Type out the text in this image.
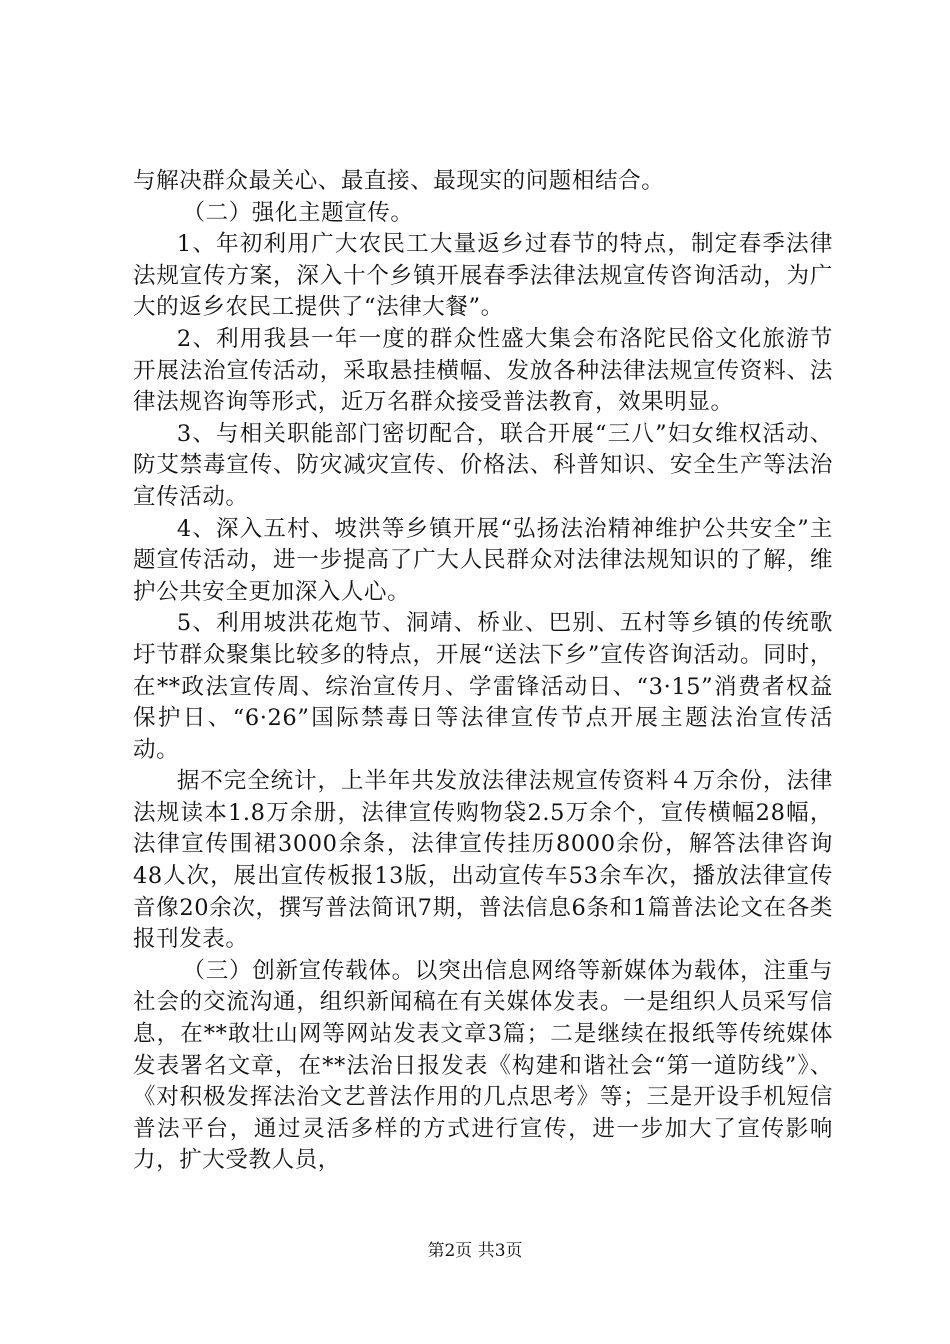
与解决群众最关心、最直接、最现实的问题相结合。

（二）强化主题宣传。

1、年初利用广大农民工大量返乡过春节的特点，制定春季法律法规宣传方案，深入十个乡镇开展春季法律法规宣传咨询活动，为广大的返乡农民工提供了“法律大餐”。

2、利用我县一年一度的群众性盛大集会布洛陀民俗文化旅游节开展法治宣传活动，采取悬挂横幅、发放各种法律法规宣传资料、法律法规咨询等形式，近万名群众接受普法教育，效果明显。

3、与相关职能部门密切配合，联合开展“三八”妇女维权活动、防艾禁毒宣传、防灾减灾宣传、价格法、科普知识、安全生产等法治宣传活动。

4、深入五村、坡洪等乡镇开展“弘扬法治精神维护公共安全”主题宣传活动，进一步提高了广大人民群众对法律法规知识的了解，维护公共安全更加深入人心。

5、利用坡洪花炮节、洞靖、桥业、巴别、五村等乡镇的传统歌圩节群众聚集比较多的特点，开展“送法下乡”宣传咨询活动。同时，在**政法宣传周、综治宣传月、学雷锋活动日、“3·15”消费者权益保护日、“6·26”国际禁毒日等法律宣传节点开展主题法治宣传活动。

据不完全统计，上半年共发放法律法规宣传资料４万余份，法律法规读本1.8万余册，法律宣传购物袋2.5万余个，宣传横幅28幅，法律宣传围裙3000余条，法律宣传挂历8000余份，解答法律咨询48人次，展出宣传板报13版，出动宣传车53余车次，播放法律宣传音像20余次，撰写普法简讯7期，普法信息6条和1篇普法论文在各类报刊发表。

（三）创新宣传载体。以突出信息网络等新媒体为载体，注重与社会的交流沟通，组织新闻稿在有关媒体发表。一是组织人员采写信息，在**敢壮山网等网站发表文章3篇；二是继续在报纸等传统媒体发表署名文章，在**法治日报发表《构建和谐社会“第一道防线”》、《对积极发挥法治文艺普法作用的几点思考》等；三是开设手机短信普法平台，通过灵活多样的方式进行宣传，进一步加大了宣传影响力，扩大受教人员，

第2页 共3页
